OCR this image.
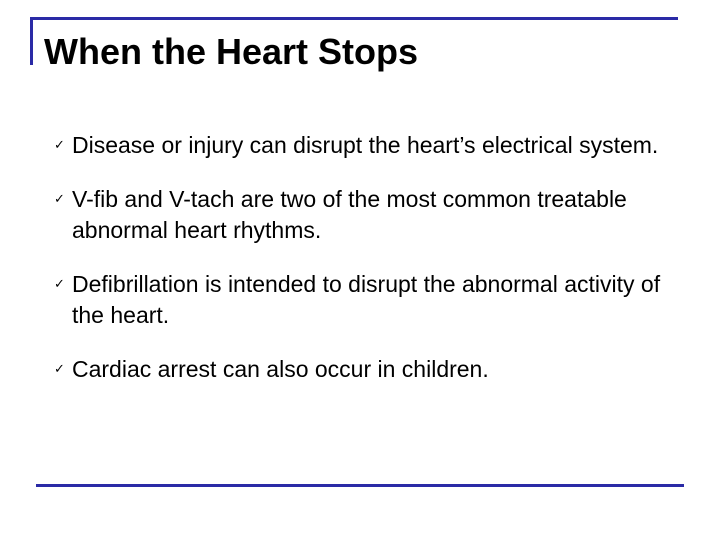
When the Heart Stops
✓ Disease or injury can disrupt the heart’s electrical system.
✓ V-fib and V-tach are two of the most common treatable abnormal heart rhythms.
✓ Defibrillation is intended to disrupt the abnormal activity of the heart.
✓ Cardiac arrest can also occur in children.
